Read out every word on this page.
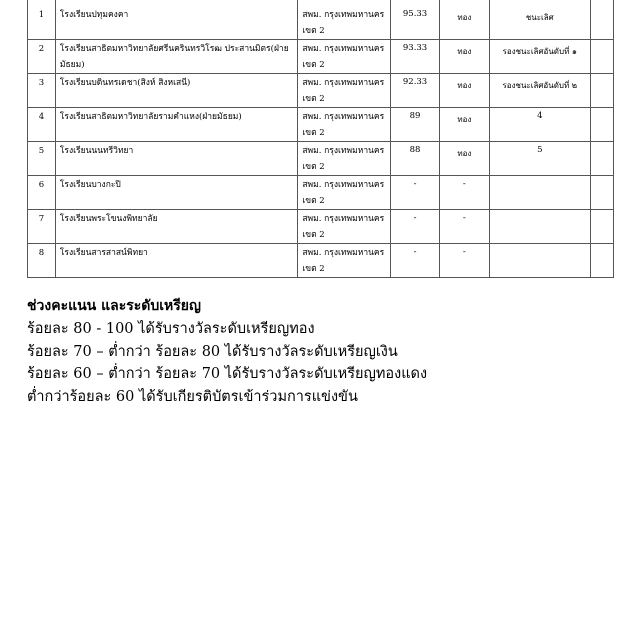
1	โรงเรียนปทุมคงคา	สพม. กรุงเทพมหานคร เขต 2	95.33	ทอง	ชนะเลิศ	
2	โรงเรียนสาธิตมหาวิทยาลัยศรีนครินทรวิโรฒ ประสานมิตร(ฝ่ายมัธยม)	สพม. กรุงเทพมหานคร เขต 2	93.33	ทอง	รองชนะเลิศอันดับที่ ๑	
3	โรงเรียนบดินทรเดชา(สิงห์ สิงหเสนี)	สพม. กรุงเทพมหานคร เขต 2	92.33	ทอง	รองชนะเลิศอันดับที่ ๒	
4	โรงเรียนสาธิตมหาวิทยาลัยรามคำแหง(ฝ่ายมัธยม)	สพม. กรุงเทพมหานคร เขต 2	89	ทอง	4	
5	โรงเรียนนนทรีวิทยา	สพม. กรุงเทพมหานคร เขต 2	88	ทอง	5	
6	โรงเรียนบางกะปิ	สพม. กรุงเทพมหานคร เขต 2	-	-		
7	โรงเรียนพระโขนงพิทยาลัย	สพม. กรุงเทพมหานคร เขต 2	-	-		
8	โรงเรียนสารสาสน์พิทยา	สพม. กรุงเทพมหานคร เขต 2	-	-		

ช่วงคะแนน และระดับเหรียญ

ร้อยละ 80 - 100 ได้รับรางวัลระดับเหรียญทอง

ร้อยละ 70 – ต่ำกว่า ร้อยละ 80 ได้รับรางวัลระดับเหรียญเงิน

ร้อยละ 60 – ต่ำกว่า ร้อยละ 70 ได้รับรางวัลระดับเหรียญทองแดง

ต่ำกว่าร้อยละ 60 ได้รับเกียรติบัตรเข้าร่วมการแข่งขัน
